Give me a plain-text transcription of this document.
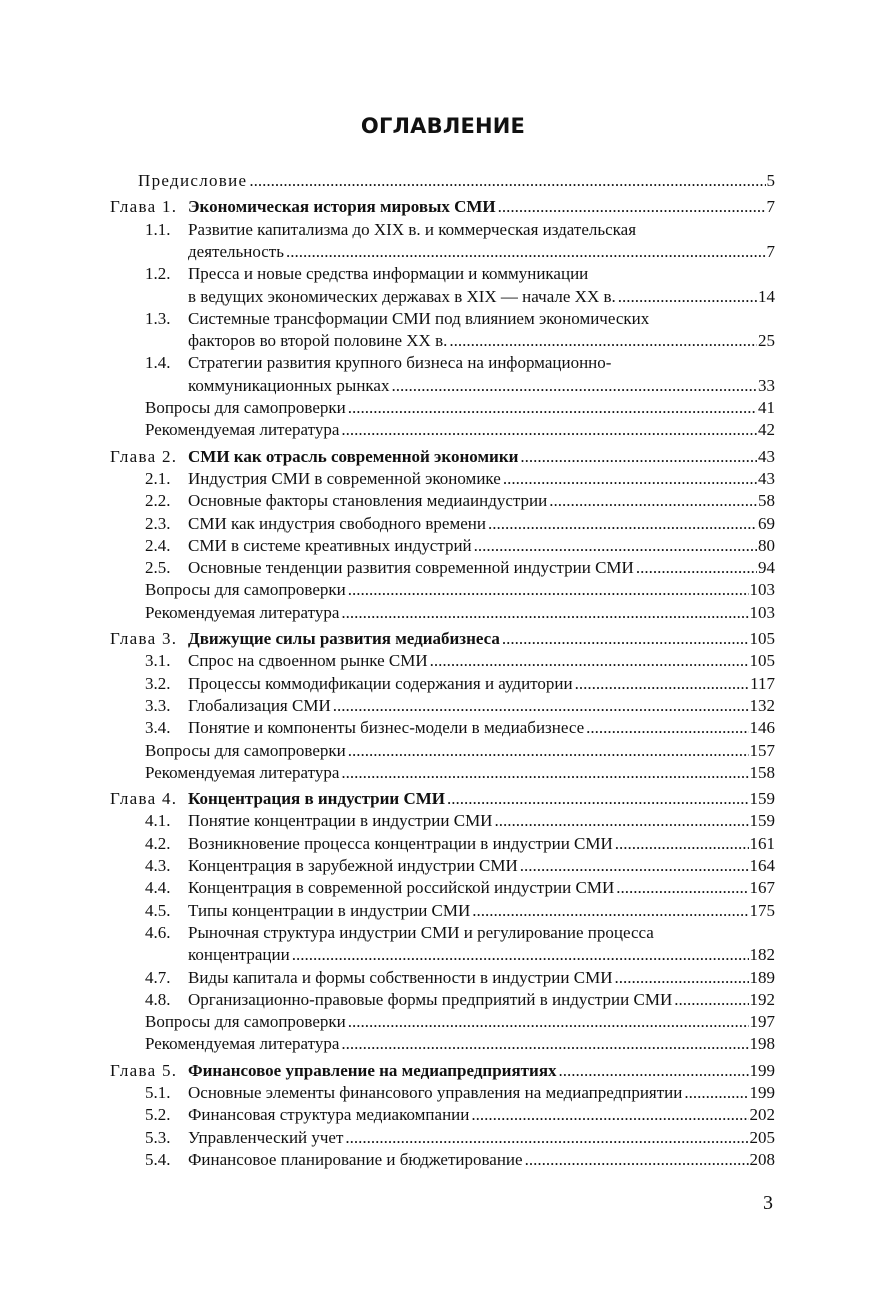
ОГЛАВЛЕНИЕ
Предисловие .....	5
Глава 1. Экономическая история мировых СМИ .....	7
1.1. Развитие капитализма до XIX в. и коммерческая издательская
деятельность .....	7
1.2. Пресса и новые средства информации и коммуникации
в ведущих экономических державах в XIX — начале XX в. .....	14
1.3. Системные трансформации СМИ под влиянием экономических
факторов во второй половине XX в. .....	25
1.4. Стратегии развития крупного бизнеса на информационно-
коммуникационных рынках .....	33
Вопросы для самопроверки .....	41
Рекомендуемая литература .....	42
Глава 2. СМИ как отрасль современной экономики .....	43
2.1. Индустрия СМИ в современной экономике .....	43
2.2. Основные факторы становления медиаиндустрии .....	58
2.3. СМИ как индустрия свободного времени .....	69
2.4. СМИ в системе креативных индустрий .....	80
2.5. Основные тенденции развития современной индустрии СМИ .....	94
Вопросы для самопроверки .....	103
Рекомендуемая литература .....	103
Глава 3. Движущие силы развития медиабизнеса .....	105
3.1. Спрос на сдвоенном рынке СМИ .....	105
3.2. Процессы коммодификации содержания и аудитории .....	117
3.3. Глобализация СМИ .....	132
3.4. Понятие и компоненты бизнес-модели в медиабизнесе .....	146
Вопросы для самопроверки .....	157
Рекомендуемая литература .....	158
Глава 4. Концентрация в индустрии СМИ .....	159
4.1. Понятие концентрации в индустрии СМИ .....	159
4.2. Возникновение процесса концентрации в индустрии СМИ .....	161
4.3. Концентрация в зарубежной индустрии СМИ .....	164
4.4. Концентрация в современной российской индустрии СМИ .....	167
4.5. Типы концентрации в индустрии СМИ .....	175
4.6. Рыночная структура индустрии СМИ и регулирование процесса
концентрации .....	182
4.7. Виды капитала и формы собственности в индустрии СМИ .....	189
4.8. Организационно-правовые формы предприятий в индустрии СМИ .....	192
Вопросы для самопроверки .....	197
Рекомендуемая литература .....	198
Глава 5. Финансовое управление на медиапредприятиях .....	199
5.1. Основные элементы финансового управления на медиапредприятии .....	199
5.2. Финансовая структура медиакомпании .....	202
5.3. Управленческий учет .....	205
5.4. Финансовое планирование и бюджетирование .....	208
3
